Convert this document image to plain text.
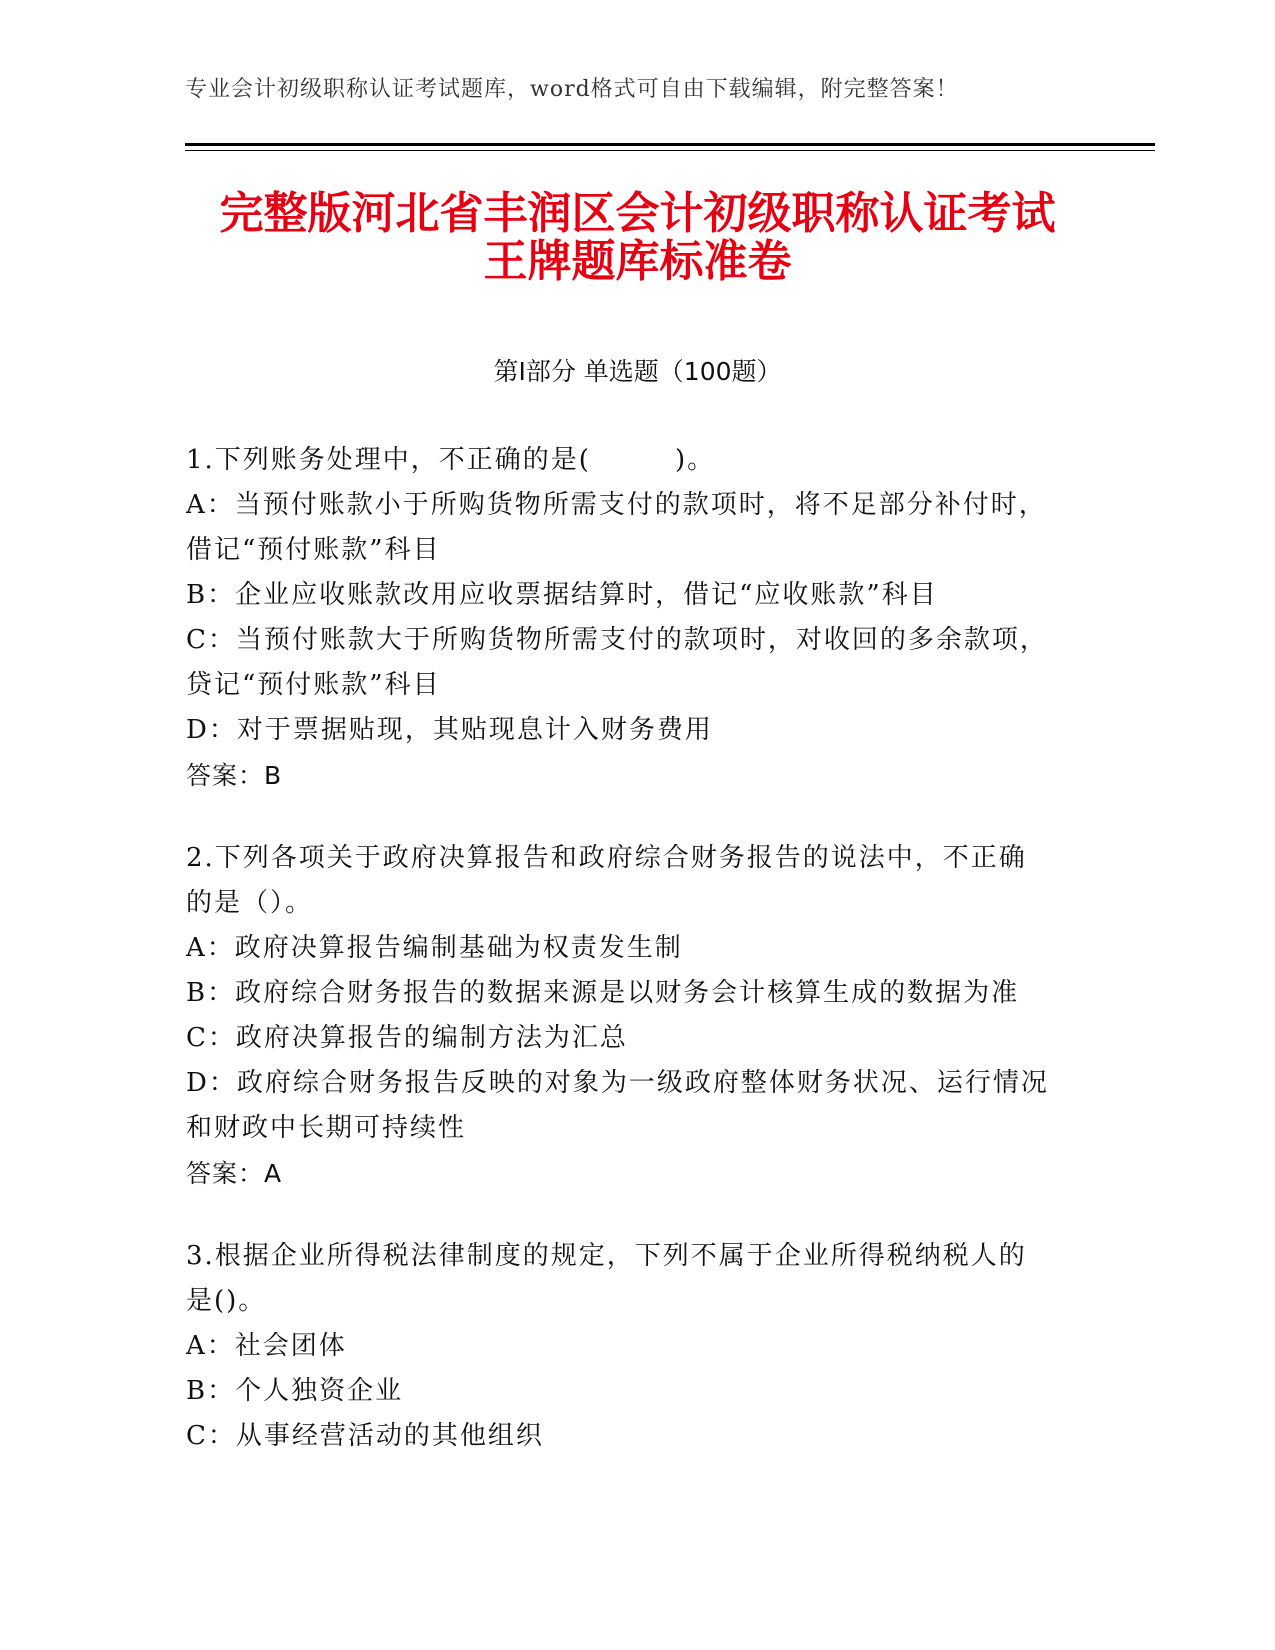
专业会计初级职称认证考试题库，word格式可自由下载编辑，附完整答案！
完整版河北省丰润区会计初级职称认证考试
王牌题库标准卷
第Ⅰ部分 单选题（100题）
1.下列账务处理中，不正确的是(　　　)。
A：当预付账款小于所购货物所需支付的款项时，将不足部分补付时，
借记“预付账款”科目
B：企业应收账款改用应收票据结算时，借记“应收账款”科目
C：当预付账款大于所购货物所需支付的款项时，对收回的多余款项，
贷记“预付账款”科目
D：对于票据贴现，其贴现息计入财务费用
答案：B
2.下列各项关于政府决算报告和政府综合财务报告的说法中，不正确
的是（）。
A：政府决算报告编制基础为权责发生制
B：政府综合财务报告的数据来源是以财务会计核算生成的数据为准
C：政府决算报告的编制方法为汇总
D：政府综合财务报告反映的对象为一级政府整体财务状况、运行情况
和财政中长期可持续性
答案：A
3.根据企业所得税法律制度的规定，下列不属于企业所得税纳税人的
是()。
A：社会团体
B：个人独资企业
C：从事经营活动的其他组织
